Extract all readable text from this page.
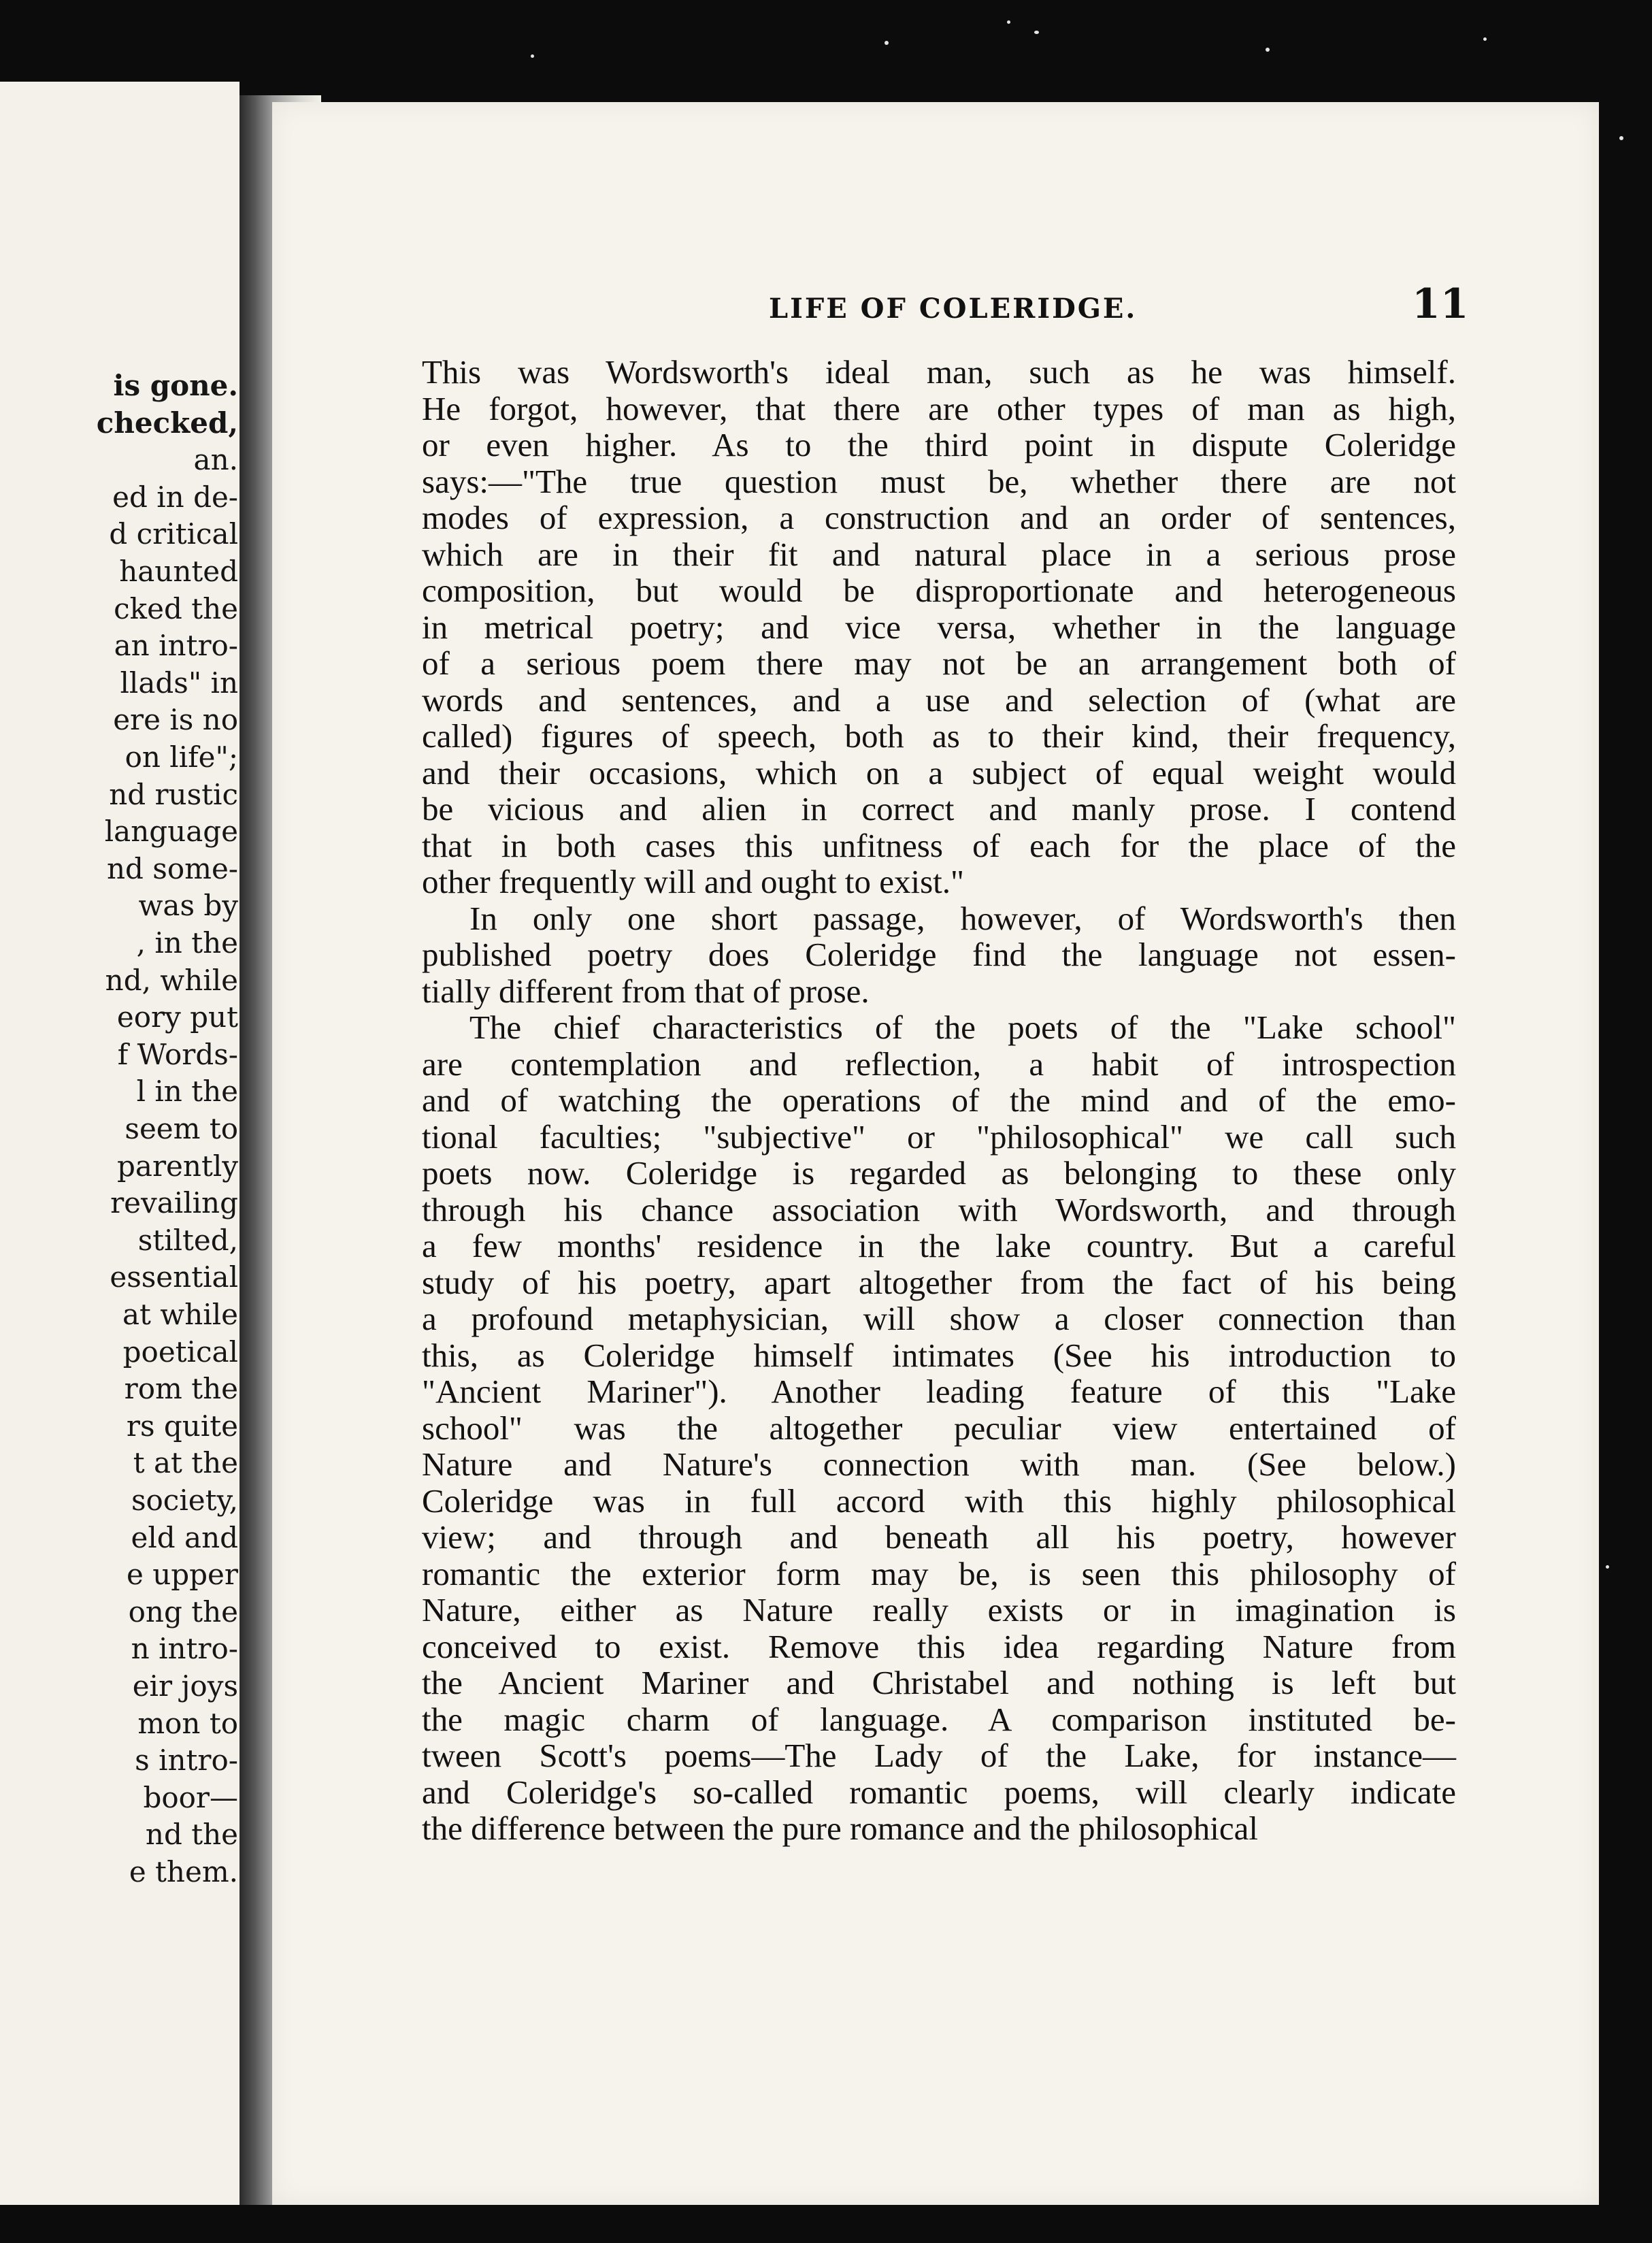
is gone.
checked,
an.
ed in de-
d critical
haunted
cked the
an intro-
llads" in
ere is no
on life";
nd rustic
language
nd some-
was by
, in the
nd, while
eory put
f Words-
l in the
seem to
parently
revailing
stilted,
essential
at while
poetical
rom the
rs quite
t at the
society,
eld and
e upper
ong the
n intro-
eir joys
mon to
s intro-
boor—
nd the
e them.
LIFE OF COLERIDGE.	11
This was Wordsworth's ideal man, such as he was himself.
He forgot, however, that there are other types of man as high,
or even higher. As to the third point in dispute Coleridge
says:—"The true question must be, whether there are not
modes of expression, a construction and an order of sentences,
which are in their fit and natural place in a serious prose
composition, but would be disproportionate and heterogeneous
in metrical poetry; and vice versa, whether in the language
of a serious poem there may not be an arrangement both of
words and sentences, and a use and selection of (what are
called) figures of speech, both as to their kind, their frequency,
and their occasions, which on a subject of equal weight would
be vicious and alien in correct and manly prose. I contend
that in both cases this unfitness of each for the place of the
other frequently will and ought to exist."
In only one short passage, however, of Wordsworth's then
published poetry does Coleridge find the language not essen-
tially different from that of prose.
The chief characteristics of the poets of the "Lake school"
are contemplation and reflection, a habit of introspection
and of watching the operations of the mind and of the emo-
tional faculties; "subjective" or "philosophical" we call such
poets now. Coleridge is regarded as belonging to these only
through his chance association with Wordsworth, and through
a few months' residence in the lake country. But a careful
study of his poetry, apart altogether from the fact of his being
a profound metaphysician, will show a closer connection than
this, as Coleridge himself intimates (See his introduction to
"Ancient Mariner"). Another leading feature of this "Lake
school" was the altogether peculiar view entertained of
Nature and Nature's connection with man. (See below.)
Coleridge was in full accord with this highly philosophical
view; and through and beneath all his poetry, however
romantic the exterior form may be, is seen this philosophy of
Nature, either as Nature really exists or in imagination is
conceived to exist. Remove this idea regarding Nature from
the Ancient Mariner and Christabel and nothing is left but
the magic charm of language. A comparison instituted be-
tween Scott's poems—The Lady of the Lake, for instance—
and Coleridge's so-called romantic poems, will clearly indicate
the difference between the pure romance and the philosophical
